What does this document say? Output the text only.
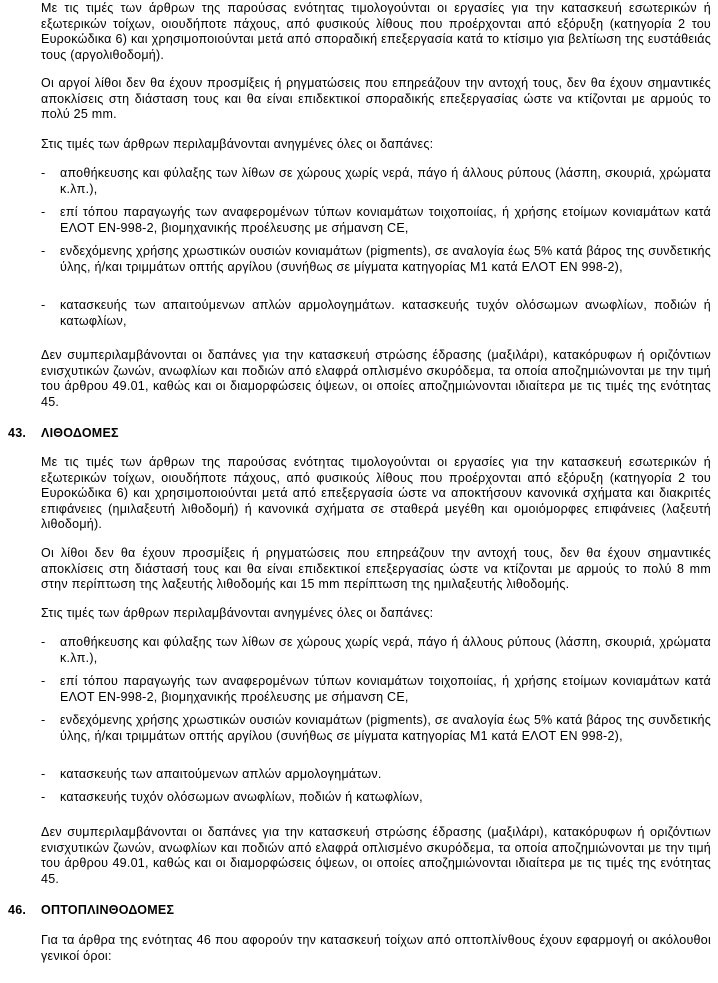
Με τις τιμές των άρθρων της παρούσας ενότητας τιμολογούνται οι εργασίες για την κατασκευή εσωτερικών ή εξωτερικών τοίχων, οιουδήποτε πάχους, από φυσικούς λίθους που προέρχονται από εξόρυξη (κατηγορία 2 του Ευροκώδικα 6) και χρησιμοποιούνται μετά από σποραδική επεξεργασία κατά το κτίσιμο για βελτίωση της ευστάθειάς τους (αργολιθοδομή).

Οι αργοί λίθοι δεν θα έχουν προσμίξεις ή ρηγματώσεις που επηρεάζουν την αντοχή τους, δεν θα έχουν σημαντικές αποκλίσεις στη διάσταση τους και θα είναι επιδεκτικοί σποραδικής επεξεργασίας ώστε να κτίζονται με αρμούς το πολύ 25 mm.

Στις τιμές των άρθρων περιλαμβάνονται ανηγμένες όλες οι δαπάνες:

-	αποθήκευσης και φύλαξης των λίθων σε χώρους χωρίς νερά, πάγο ή άλλους ρύπους (λάσπη, σκουριά, χρώματα κ.λπ.),
-	επί τόπου παραγωγής των αναφερομένων τύπων κονιαμάτων τοιχοποιίας, ή χρήσης ετοίμων κονιαμάτων κατά ΕΛΟΤ ΕΝ-998-2, βιομηχανικής προέλευσης με σήμανση CE,
-	ενδεχόμενης χρήσης χρωστικών ουσιών κονιαμάτων (pigments), σε αναλογία έως 5% κατά βάρος της συνδετικής ύλης, ή/και τριμμάτων οπτής αργίλου (συνήθως σε μίγματα κατηγορίας Μ1 κατά ΕΛΟΤ ΕΝ 998-2),
-	κατασκευής των απαιτούμενων απλών αρμολογημάτων. κατασκευής τυχόν ολόσωμων ανωφλίων, ποδιών ή κατωφλίων,

Δεν συμπεριλαμβάνονται οι δαπάνες για την κατασκευή στρώσης έδρασης (μαξιλάρι), κατακόρυφων ή οριζόντιων ενισχυτικών ζωνών, ανωφλίων και ποδιών από ελαφρά οπλισμένο σκυρόδεμα, τα οποία αποζημιώνονται με την τιμή του άρθρου 49.01, καθώς και οι διαμορφώσεις όψεων, οι οποίες αποζημιώνονται ιδιαίτερα με τις τιμές της ενότητας 45.

43. ΛΙΘΟΔΟΜΕΣ

Με τις τιμές των άρθρων της παρούσας ενότητας τιμολογούνται οι εργασίες για την κατασκευή εσωτερικών ή εξωτερικών τοίχων, οιουδήποτε πάχους, από φυσικούς λίθους που προέρχονται από εξόρυξη (κατηγορία 2 του Ευροκώδικα 6) και χρησιμοποιούνται μετά από επεξεργασία ώστε να αποκτήσουν κανονικά σχήματα και διακριτές επιφάνειες (ημιλαξευτή λιθοδομή) ή κανονικά σχήματα σε σταθερά μεγέθη και ομοιόμορφες επιφάνειες (λαξευτή λιθοδομή).

Οι λίθοι δεν θα έχουν προσμίξεις ή ρηγματώσεις που επηρεάζουν την αντοχή τους, δεν θα έχουν σημαντικές αποκλίσεις στη διάστασή τους και θα είναι επιδεκτικοί επεξεργασίας ώστε να κτίζονται με αρμούς το πολύ 8 mm στην περίπτωση της λαξευτής λιθοδομής και 15 mm περίπτωση της ημιλαξευτής λιθοδομής.

Στις τιμές των άρθρων περιλαμβάνονται ανηγμένες όλες οι δαπάνες:

-	αποθήκευσης και φύλαξης των λίθων σε χώρους χωρίς νερά, πάγο ή άλλους ρύπους (λάσπη, σκουριά, χρώματα κ.λπ.),
-	επί τόπου παραγωγής των αναφερομένων τύπων κονιαμάτων τοιχοποιίας, ή χρήσης ετοίμων κονιαμάτων κατά ΕΛΟΤ ΕΝ-998-2, βιομηχανικής προέλευσης με σήμανση CE,
-	ενδεχόμενης χρήσης χρωστικών ουσιών κονιαμάτων (pigments), σε αναλογία έως 5% κατά βάρος της συνδετικής ύλης, ή/και τριμμάτων οπτής αργίλου (συνήθως σε μίγματα κατηγορίας Μ1 κατά ΕΛΟΤ ΕΝ 998-2),
-	κατασκευής των απαιτούμενων απλών αρμολογημάτων.
-	κατασκευής τυχόν ολόσωμων ανωφλίων, ποδιών ή κατωφλίων,

Δεν συμπεριλαμβάνονται οι δαπάνες για την κατασκευή στρώσης έδρασης (μαξιλάρι), κατακόρυφων ή οριζόντιων ενισχυτικών ζωνών, ανωφλίων και ποδιών από ελαφρά οπλισμένο σκυρόδεμα, τα οποία αποζημιώνονται με την τιμή του άρθρου 49.01, καθώς και οι διαμορφώσεις όψεων, οι οποίες αποζημιώνονται ιδιαίτερα με τις τιμές της ενότητας 45.

46. ΟΠΤΟΠΛΙΝΘΟΔΟΜΕΣ

Για τα άρθρα της ενότητας 46 που αφορούν την κατασκευή τοίχων από οπτοπλίνθους έχουν εφαρμογή οι ακόλουθοι γενικοί όροι:
